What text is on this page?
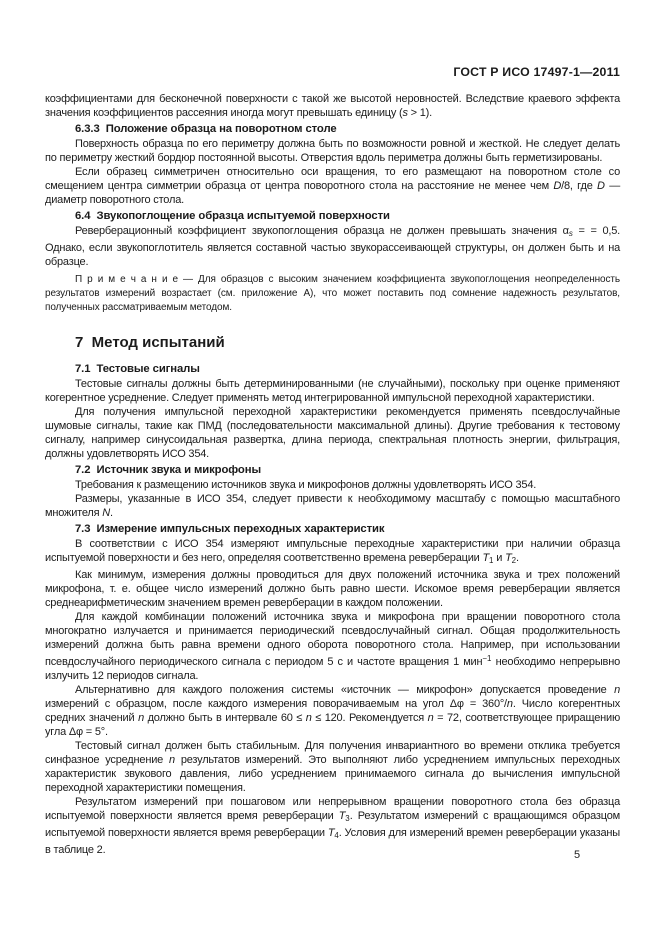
ГОСТ Р ИСО 17497-1—2011

коэффициентами для бесконечной поверхности с такой же высотой неровностей. Вследствие краевого эффекта значения коэффициентов рассеяния иногда могут превышать единицу (s > 1).

6.3.3  Положение образца на поворотном столе

Поверхность образца по его периметру должна быть по возможности ровной и жесткой. Не следует делать по периметру жесткий бордюр постоянной высоты. Отверстия вдоль периметра должны быть герметизированы.

Если образец симметричен относительно оси вращения, то его размещают на поворотном столе со смещением центра симметрии образца от центра поворотного стола на расстояние не менее чем D/8, где D — диаметр поворотного стола.

6.4  Звукопоглощение образца испытуемой поверхности

Реверберационный коэффициент звукопоглощения образца не должен превышать значения $\alpha_s$ = = 0,5. Однако, если звукопоглотитель является составной частью звукорассеивающей структуры, он должен быть и на образце.

П р и м е ч а н и е — Для образцов с высоким значением коэффициента звукопоглощения неопределенность результатов измерений возрастает (см. приложение А), что может поставить под сомнение надежность результатов, полученных рассматриваемым методом.

7  Метод испытаний
7.1  Тестовые сигналы

Тестовые сигналы должны быть детерминированными (не случайными), поскольку при оценке применяют когерентное усреднение. Следует применять метод интегрированной импульсной переходной характеристики.

Для получения импульсной переходной характеристики рекомендуется применять псевдослучайные шумовые сигналы, такие как ПМД (последовательности максимальной длины). Другие требования к тестовому сигналу, например синусоидальная развертка, длина периода, спектральная плотность энергии, фильтрация, должны удовлетворять ИСО 354.

7.2  Источник звука и микрофоны

Требования к размещению источников звука и микрофонов должны удовлетворять ИСО 354.

Размеры, указанные в ИСО 354, следует привести к необходимому масштабу с помощью масштабного множителя N.

7.3  Измерение импульсных переходных характеристик

В соответствии с ИСО 354 измеряют импульсные переходные характеристики при наличии образца испытуемой поверхности и без него, определяя соответственно времена реверберации $T_1$ и $T_2$.

Как минимум, измерения должны проводиться для двух положений источника звука и трех положений микрофона, т. е. общее число измерений должно быть равно шести. Искомое время реверберации является среднеарифметическим значением времен реверберации в каждом положении.

Для каждой комбинации положений источника звука и микрофона при вращении поворотного стола многократно излучается и принимается периодический псевдослучайный сигнал. Общая продолжительность измерений должна быть равна времени одного оборота поворотного стола. Например, при использовании псевдослучайного периодического сигнала с периодом 5 с и частоте вращения 1 мин$^{-1}$ необходимо непрерывно излучить 12 периодов сигнала.

Альтернативно для каждого положения системы «источник — микрофон» допускается проведение n измерений с образцом, после каждого измерения поворачиваемым на угол Δφ = 360°/n. Число когерентных средних значений n должно быть в интервале 60 ≤ n ≤ 120. Рекомендуется n = 72, соответствующее приращению угла Δφ = 5°.

Тестовый сигнал должен быть стабильным. Для получения инвариантного во времени отклика требуется синфазное усреднение n результатов измерений. Это выполняют либо усреднением импульсных переходных характеристик звукового давления, либо усреднением принимаемого сигнала до вычисления импульсной переходной характеристики помещения.

Результатом измерений при пошаговом или непрерывном вращении поворотного стола без образца испытуемой поверхности является время реверберации $T_3$. Результатом измерений с вращающимся образцом испытуемой поверхности является время реверберации $T_4$. Условия для измерений времен реверберации указаны в таблице 2.	5
